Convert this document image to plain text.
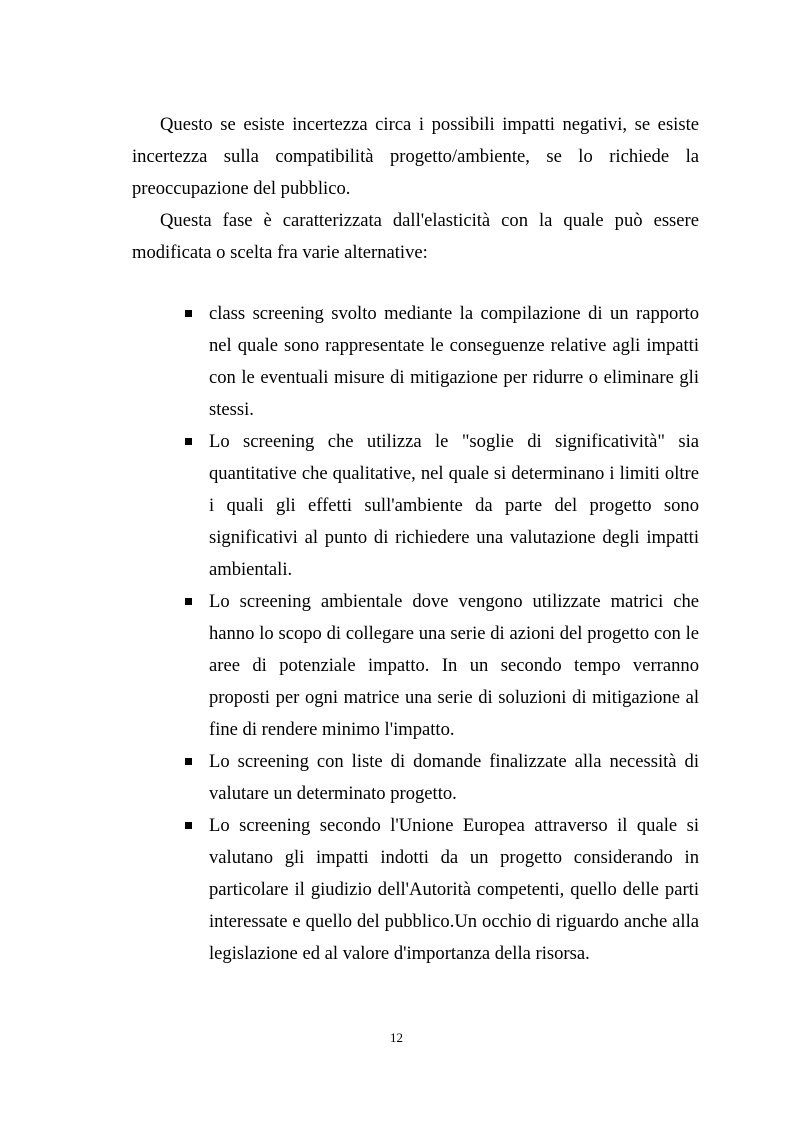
Questo se esiste incertezza circa i possibili impatti negativi, se esiste incertezza sulla compatibilità progetto/ambiente, se lo richiede la preoccupazione del pubblico.

Questa fase è caratterizzata dall'elasticità con la quale può essere modificata o scelta fra varie alternative:

class screening svolto mediante la compilazione di un rapporto nel quale sono rappresentate le conseguenze relative agli impatti con le eventuali misure di mitigazione per ridurre o eliminare gli stessi.
Lo screening che utilizza le "soglie di significatività" sia quantitative che qualitative, nel quale si determinano i limiti oltre i quali gli effetti sull'ambiente da parte del progetto sono significativi al punto di richiedere una valutazione degli impatti ambientali.
Lo screening ambientale dove vengono utilizzate matrici che hanno lo scopo di collegare una serie di azioni del progetto con le aree di potenziale impatto. In un secondo tempo verranno proposti per ogni matrice una serie di soluzioni di mitigazione al fine di rendere minimo l'impatto.
Lo screening con liste di domande finalizzate alla necessità di valutare un determinato progetto.
Lo screening secondo l'Unione Europea attraverso il quale si valutano gli impatti indotti da un progetto considerando in particolare il giudizio dell'Autorità competenti, quello delle parti interessate e quello del pubblico.Un occhio di riguardo anche alla legislazione ed al valore d'importanza della risorsa.
12
